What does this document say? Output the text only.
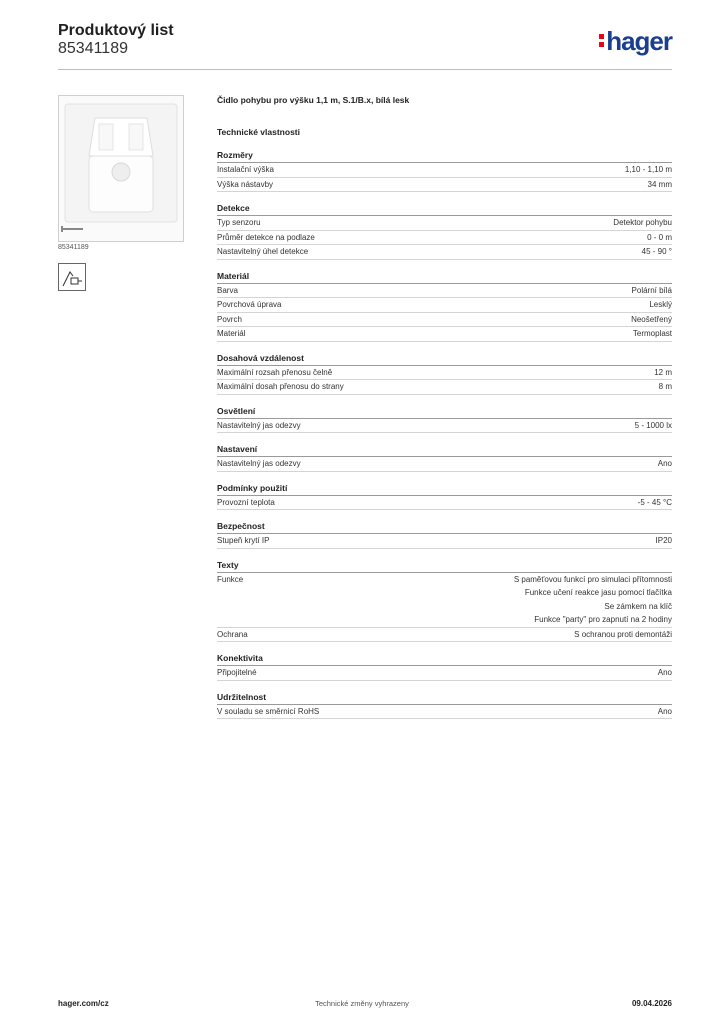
Produktový list
85341189	hager
85341189
Čidlo pohybu pro výšku 1,1 m, S.1/B.x, bílá lesk
Technické vlastnosti
Rozměry
Instalační výška	1,10 - 1,10 m
Výška nástavby	34 mm
Detekce
Typ senzoru	Detektor pohybu
Průměr detekce na podlaze	0 - 0 m
Nastavitelný úhel detekce	45 - 90 °
Materiál
Barva	Polární bílá
Povrchová úprava	Lesklý
Povrch	Neošetřený
Materiál	Termoplast
Dosahová vzdálenost
Maximální rozsah přenosu čelně	12 m
Maximální dosah přenosu do strany	8 m
Osvětlení
Nastavitelný jas odezvy	5 - 1000 lx
Nastavení
Nastavitelný jas odezvy	Ano
Podmínky použití
Provozní teplota	-5 - 45 °C
Bezpečnost
Stupeň krytí IP	IP20
Texty
Funkce	S paměťovou funkcí pro simulaci přítomnosti
Funkce učení reakce jasu pomocí tlačítka
Se zámkem na klíč
Funkce "party" pro zapnutí na 2 hodiny
Ochrana	S ochranou proti demontáži
Konektivita
Připojitelné	Ano
Udržitelnost
V souladu se směrnicí RoHS	Ano
hager.com/cz	Technické změny vyhrazeny	09.04.2026
